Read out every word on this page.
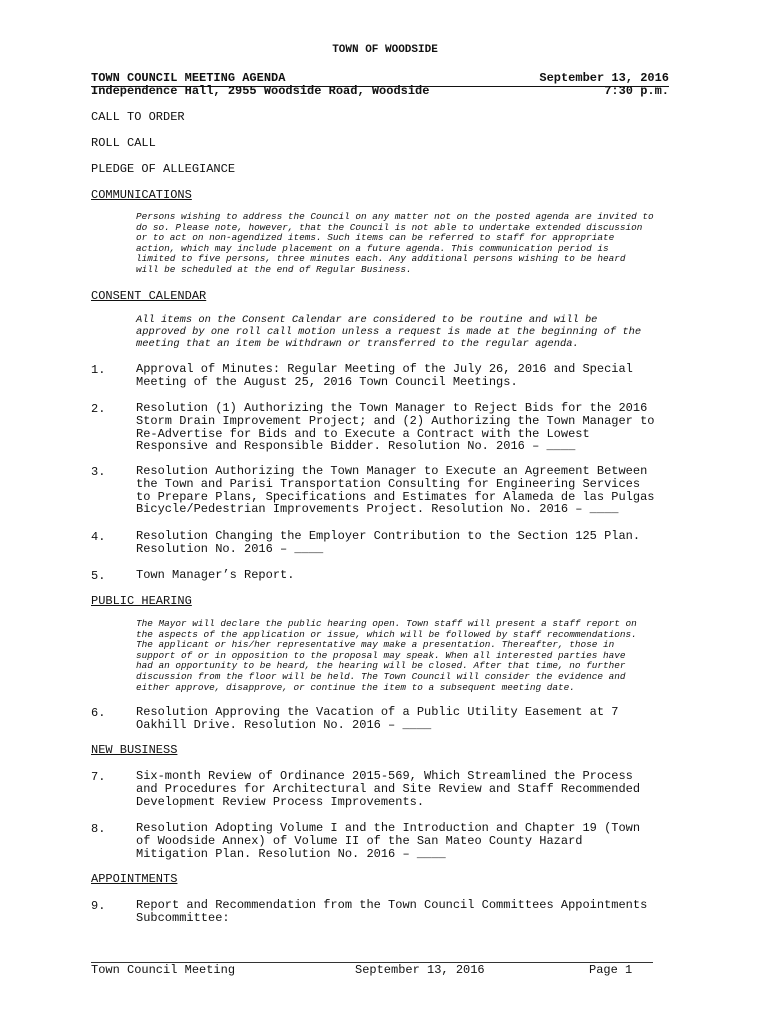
TOWN OF WOODSIDE
TOWN COUNCIL MEETING AGENDA
Independence Hall, 2955 Woodside Road, Woodside
September 13, 2016
7:30 p.m.
CALL TO ORDER
ROLL CALL
PLEDGE OF ALLEGIANCE
COMMUNICATIONS
Persons wishing to address the Council on any matter not on the posted agenda are invited to
do so. Please note, however, that the Council is not able to undertake extended discussion
or to act on non-agendized items. Such items can be referred to staff for appropriate
action, which may include placement on a future agenda. This communication period is
limited to five persons, three minutes each. Any additional persons wishing to be heard
will be scheduled at the end of Regular Business.
CONSENT CALENDAR
All items on the Consent Calendar are considered to be routine and will be
approved by one roll call motion unless a request is made at the beginning of the
meeting that an item be withdrawn or transferred to the regular agenda.
1.	Approval of Minutes: Regular Meeting of the July 26, 2016 and Special
Meeting of the August 25, 2016 Town Council Meetings.
2.	Resolution (1) Authorizing the Town Manager to Reject Bids for the 2016
Storm Drain Improvement Project; and (2) Authorizing the Town Manager to
Re-Advertise for Bids and to Execute a Contract with the Lowest
Responsive and Responsible Bidder. Resolution No. 2016 – ____
3.	Resolution Authorizing the Town Manager to Execute an Agreement Between
the Town and Parisi Transportation Consulting for Engineering Services
to Prepare Plans, Specifications and Estimates for Alameda de las Pulgas
Bicycle/Pedestrian Improvements Project. Resolution No. 2016 – ____
4.	Resolution Changing the Employer Contribution to the Section 125 Plan.
Resolution No. 2016 – ____
5.	Town Manager’s Report.
PUBLIC HEARING
The Mayor will declare the public hearing open. Town staff will present a staff report on
the aspects of the application or issue, which will be followed by staff recommendations.
The applicant or his/her representative may make a presentation. Thereafter, those in
support of or in opposition to the proposal may speak. When all interested parties have
had an opportunity to be heard, the hearing will be closed. After that time, no further
discussion from the floor will be held. The Town Council will consider the evidence and
either approve, disapprove, or continue the item to a subsequent meeting date.
6.	Resolution Approving the Vacation of a Public Utility Easement at 7
Oakhill Drive. Resolution No. 2016 – ____
NEW BUSINESS
7.	Six-month Review of Ordinance 2015-569, Which Streamlined the Process
and Procedures for Architectural and Site Review and Staff Recommended
Development Review Process Improvements.
8.	Resolution Adopting Volume I and the Introduction and Chapter 19 (Town
of Woodside Annex) of Volume II of the San Mateo County Hazard
Mitigation Plan. Resolution No. 2016 – ____
APPOINTMENTS
9.	Report and Recommendation from the Town Council Committees Appointments
Subcommittee:
Town Council Meeting	September 13, 2016	Page 1
